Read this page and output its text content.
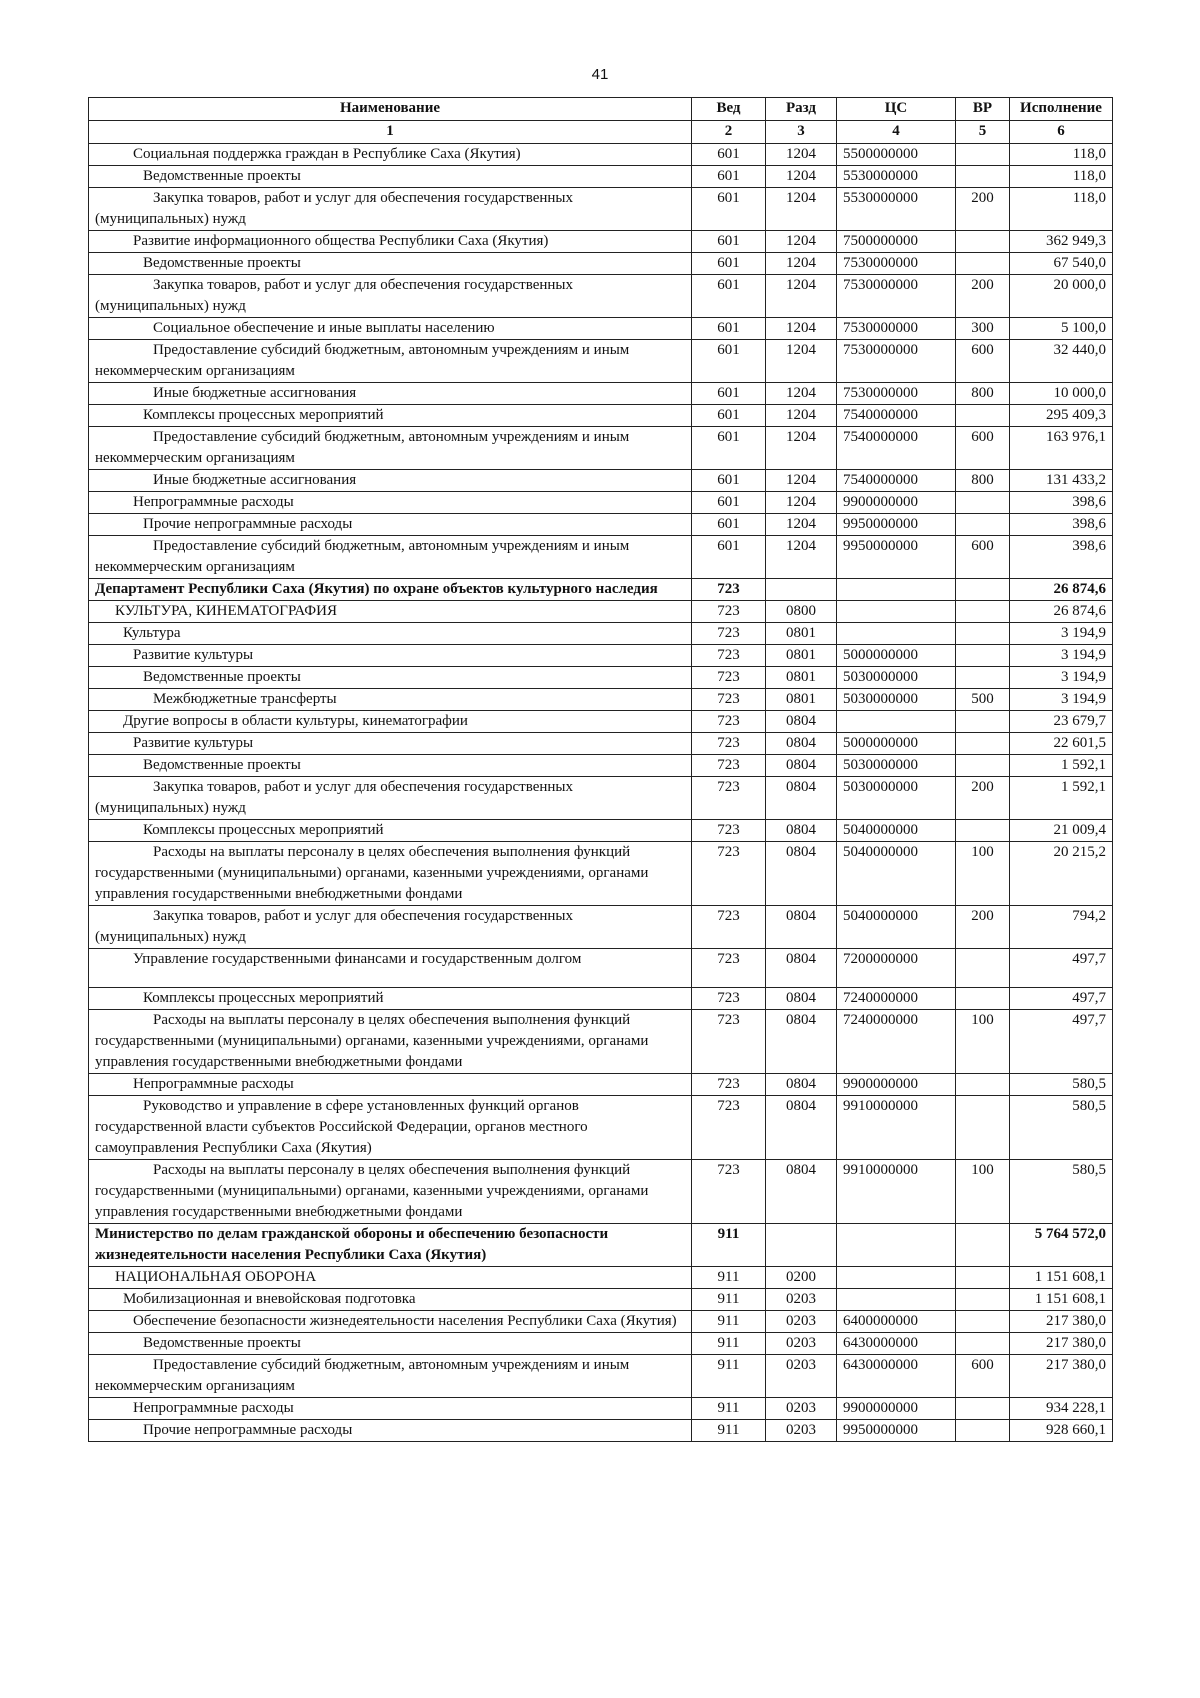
41
Наименование	Вед	Разд	ЦС	ВР	Исполнение
1	2	3	4	5	6
Социальная поддержка граждан в Республике Саха (Якутия)	601	1204	5500000000		118,0
Ведомственные проекты	601	1204	5530000000		118,0
Закупка товаров, работ и услуг для обеспечения государственных (муниципальных) нужд	601	1204	5530000000	200	118,0
Развитие информационного общества Республики Саха (Якутия)	601	1204	7500000000		362 949,3
Ведомственные проекты	601	1204	7530000000		67 540,0
Закупка товаров, работ и услуг для обеспечения государственных (муниципальных) нужд	601	1204	7530000000	200	20 000,0
Социальное обеспечение и иные выплаты населению	601	1204	7530000000	300	5 100,0
Предоставление субсидий бюджетным, автономным учреждениям и иным некоммерческим организациям	601	1204	7530000000	600	32 440,0
Иные бюджетные ассигнования	601	1204	7530000000	800	10 000,0
Комплексы процессных мероприятий	601	1204	7540000000		295 409,3
Предоставление субсидий бюджетным, автономным учреждениям и иным некоммерческим организациям	601	1204	7540000000	600	163 976,1
Иные бюджетные ассигнования	601	1204	7540000000	800	131 433,2
Непрограммные расходы	601	1204	9900000000		398,6
Прочие непрограммные расходы	601	1204	9950000000		398,6
Предоставление субсидий бюджетным, автономным учреждениям и иным некоммерческим организациям	601	1204	9950000000	600	398,6
Департамент Республики Саха (Якутия) по охране объектов культурного наследия	723				26 874,6
КУЛЬТУРА, КИНЕМАТОГРАФИЯ	723	0800			26 874,6
Культура	723	0801			3 194,9
Развитие культуры	723	0801	5000000000		3 194,9
Ведомственные проекты	723	0801	5030000000		3 194,9
Межбюджетные трансферты	723	0801	5030000000	500	3 194,9
Другие вопросы в области культуры, кинематографии	723	0804			23 679,7
Развитие культуры	723	0804	5000000000		22 601,5
Ведомственные проекты	723	0804	5030000000		1 592,1
Закупка товаров, работ и услуг для обеспечения государственных (муниципальных) нужд	723	0804	5030000000	200	1 592,1
Комплексы процессных мероприятий	723	0804	5040000000		21 009,4
Расходы на выплаты персоналу в целях обеспечения выполнения функций государственными (муниципальными) органами, казенными учреждениями, органами управления государственными внебюджетными фондами	723	0804	5040000000	100	20 215,2
Закупка товаров, работ и услуг для обеспечения государственных (муниципальных) нужд	723	0804	5040000000	200	794,2
Управление государственными финансами и государственным долгом	723	0804	7200000000		497,7
Комплексы процессных мероприятий	723	0804	7240000000		497,7
Расходы на выплаты персоналу в целях обеспечения выполнения функций государственными (муниципальными) органами, казенными учреждениями, органами управления государственными внебюджетными фондами	723	0804	7240000000	100	497,7
Непрограммные расходы	723	0804	9900000000		580,5
Руководство и управление в сфере установленных функций органов государственной власти субъектов Российской Федерации, органов местного самоуправления Республики Саха (Якутия)	723	0804	9910000000		580,5
Расходы на выплаты персоналу в целях обеспечения выполнения функций государственными (муниципальными) органами, казенными учреждениями, органами управления государственными внебюджетными фондами	723	0804	9910000000	100	580,5
Министерство по делам гражданской обороны и обеспечению безопасности жизнедеятельности населения Республики Саха (Якутия)	911				5 764 572,0
НАЦИОНАЛЬНАЯ ОБОРОНА	911	0200			1 151 608,1
Мобилизационная и вневойсковая подготовка	911	0203			1 151 608,1
Обеспечение безопасности жизнедеятельности населения Республики Саха (Якутия)	911	0203	6400000000		217 380,0
Ведомственные проекты	911	0203	6430000000		217 380,0
Предоставление субсидий бюджетным, автономным учреждениям и иным некоммерческим организациям	911	0203	6430000000	600	217 380,0
Непрограммные расходы	911	0203	9900000000		934 228,1
Прочие непрограммные расходы	911	0203	9950000000		928 660,1
